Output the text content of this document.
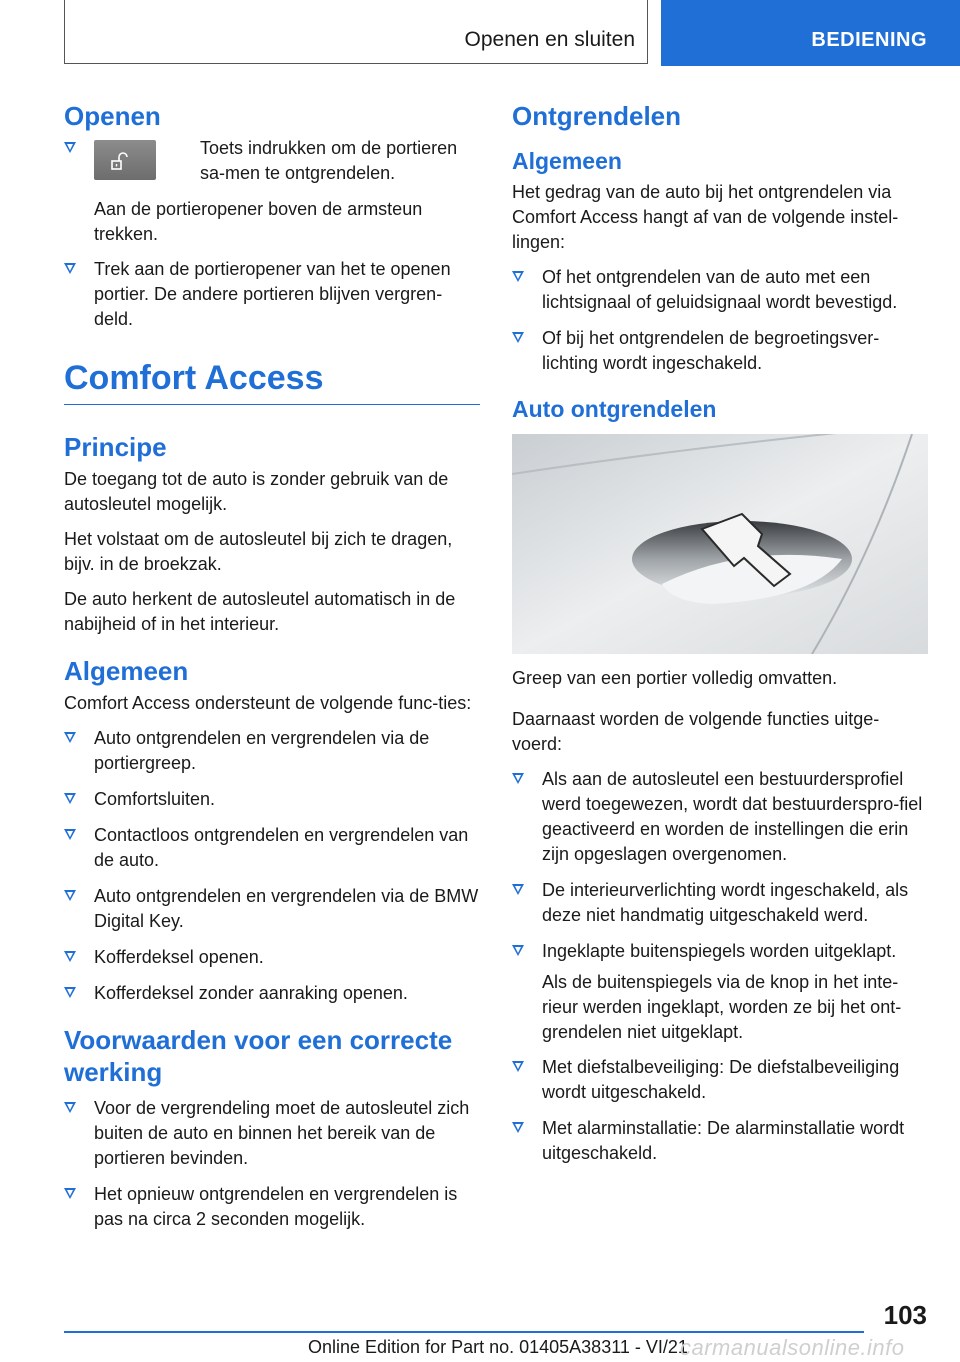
Openen en sluiten	BEDIENING
Openen
Toets indrukken om de portieren sa-men te ontgrendelen.

Aan de portieropener boven de armsteun trekken.

Trek aan de portieropener van het te openen portier. De andere portieren blijven vergren-deld.
Comfort Access
Principe

De toegang tot de auto is zonder gebruik van de autosleutel mogelijk.

Het volstaat om de autosleutel bij zich te dragen, bijv. in de broekzak.

De auto herkent de autosleutel automatisch in de nabijheid of in het interieur.

Algemeen

Comfort Access ondersteunt de volgende func-ties:

Auto ontgrendelen en vergrendelen via de portiergreep.
Comfortsluiten.
Contactloos ontgrendelen en vergrendelen van de auto.
Auto ontgrendelen en vergrendelen via de BMW Digital Key.
Kofferdeksel openen.
Kofferdeksel zonder aanraking openen.
Voorwaarden voor een correcte werking
Voor de vergrendeling moet de autosleutel zich buiten de auto en binnen het bereik van de portieren bevinden.
Het opnieuw ontgrendelen en vergrendelen is pas na circa 2 seconden mogelijk.
Ontgrendelen
Algemeen

Het gedrag van de auto bij het ontgrendelen via Comfort Access hangt af van de volgende instel-lingen:

Of het ontgrendelen van de auto met een lichtsignaal of geluidsignaal wordt bevestigd.
Of bij het ontgrendelen de begroetingsver-lichting wordt ingeschakeld.
Auto ontgrendelen

Greep van een portier volledig omvatten.

Daarnaast worden de volgende functies uitge-voerd:

Als aan de autosleutel een bestuurdersprofiel werd toegewezen, wordt dat bestuurderspro-fiel geactiveerd en worden de instellingen die erin zijn opgeslagen overgenomen.
De interieurverlichting wordt ingeschakeld, als deze niet handmatig uitgeschakeld werd.
Ingeklapte buitenspiegels worden uitgeklapt.

Als de buitenspiegels via de knop in het inte-rieur werden ingeklapt, worden ze bij het ont-grendelen niet uitgeklapt.

Met diefstalbeveiliging: De diefstalbeveiliging wordt uitgeschakeld.
Met alarminstallatie: De alarminstallatie wordt uitgeschakeld.
103
Online Edition for Part no. 01405A38311 - VI/21
carmanualsonline.info
